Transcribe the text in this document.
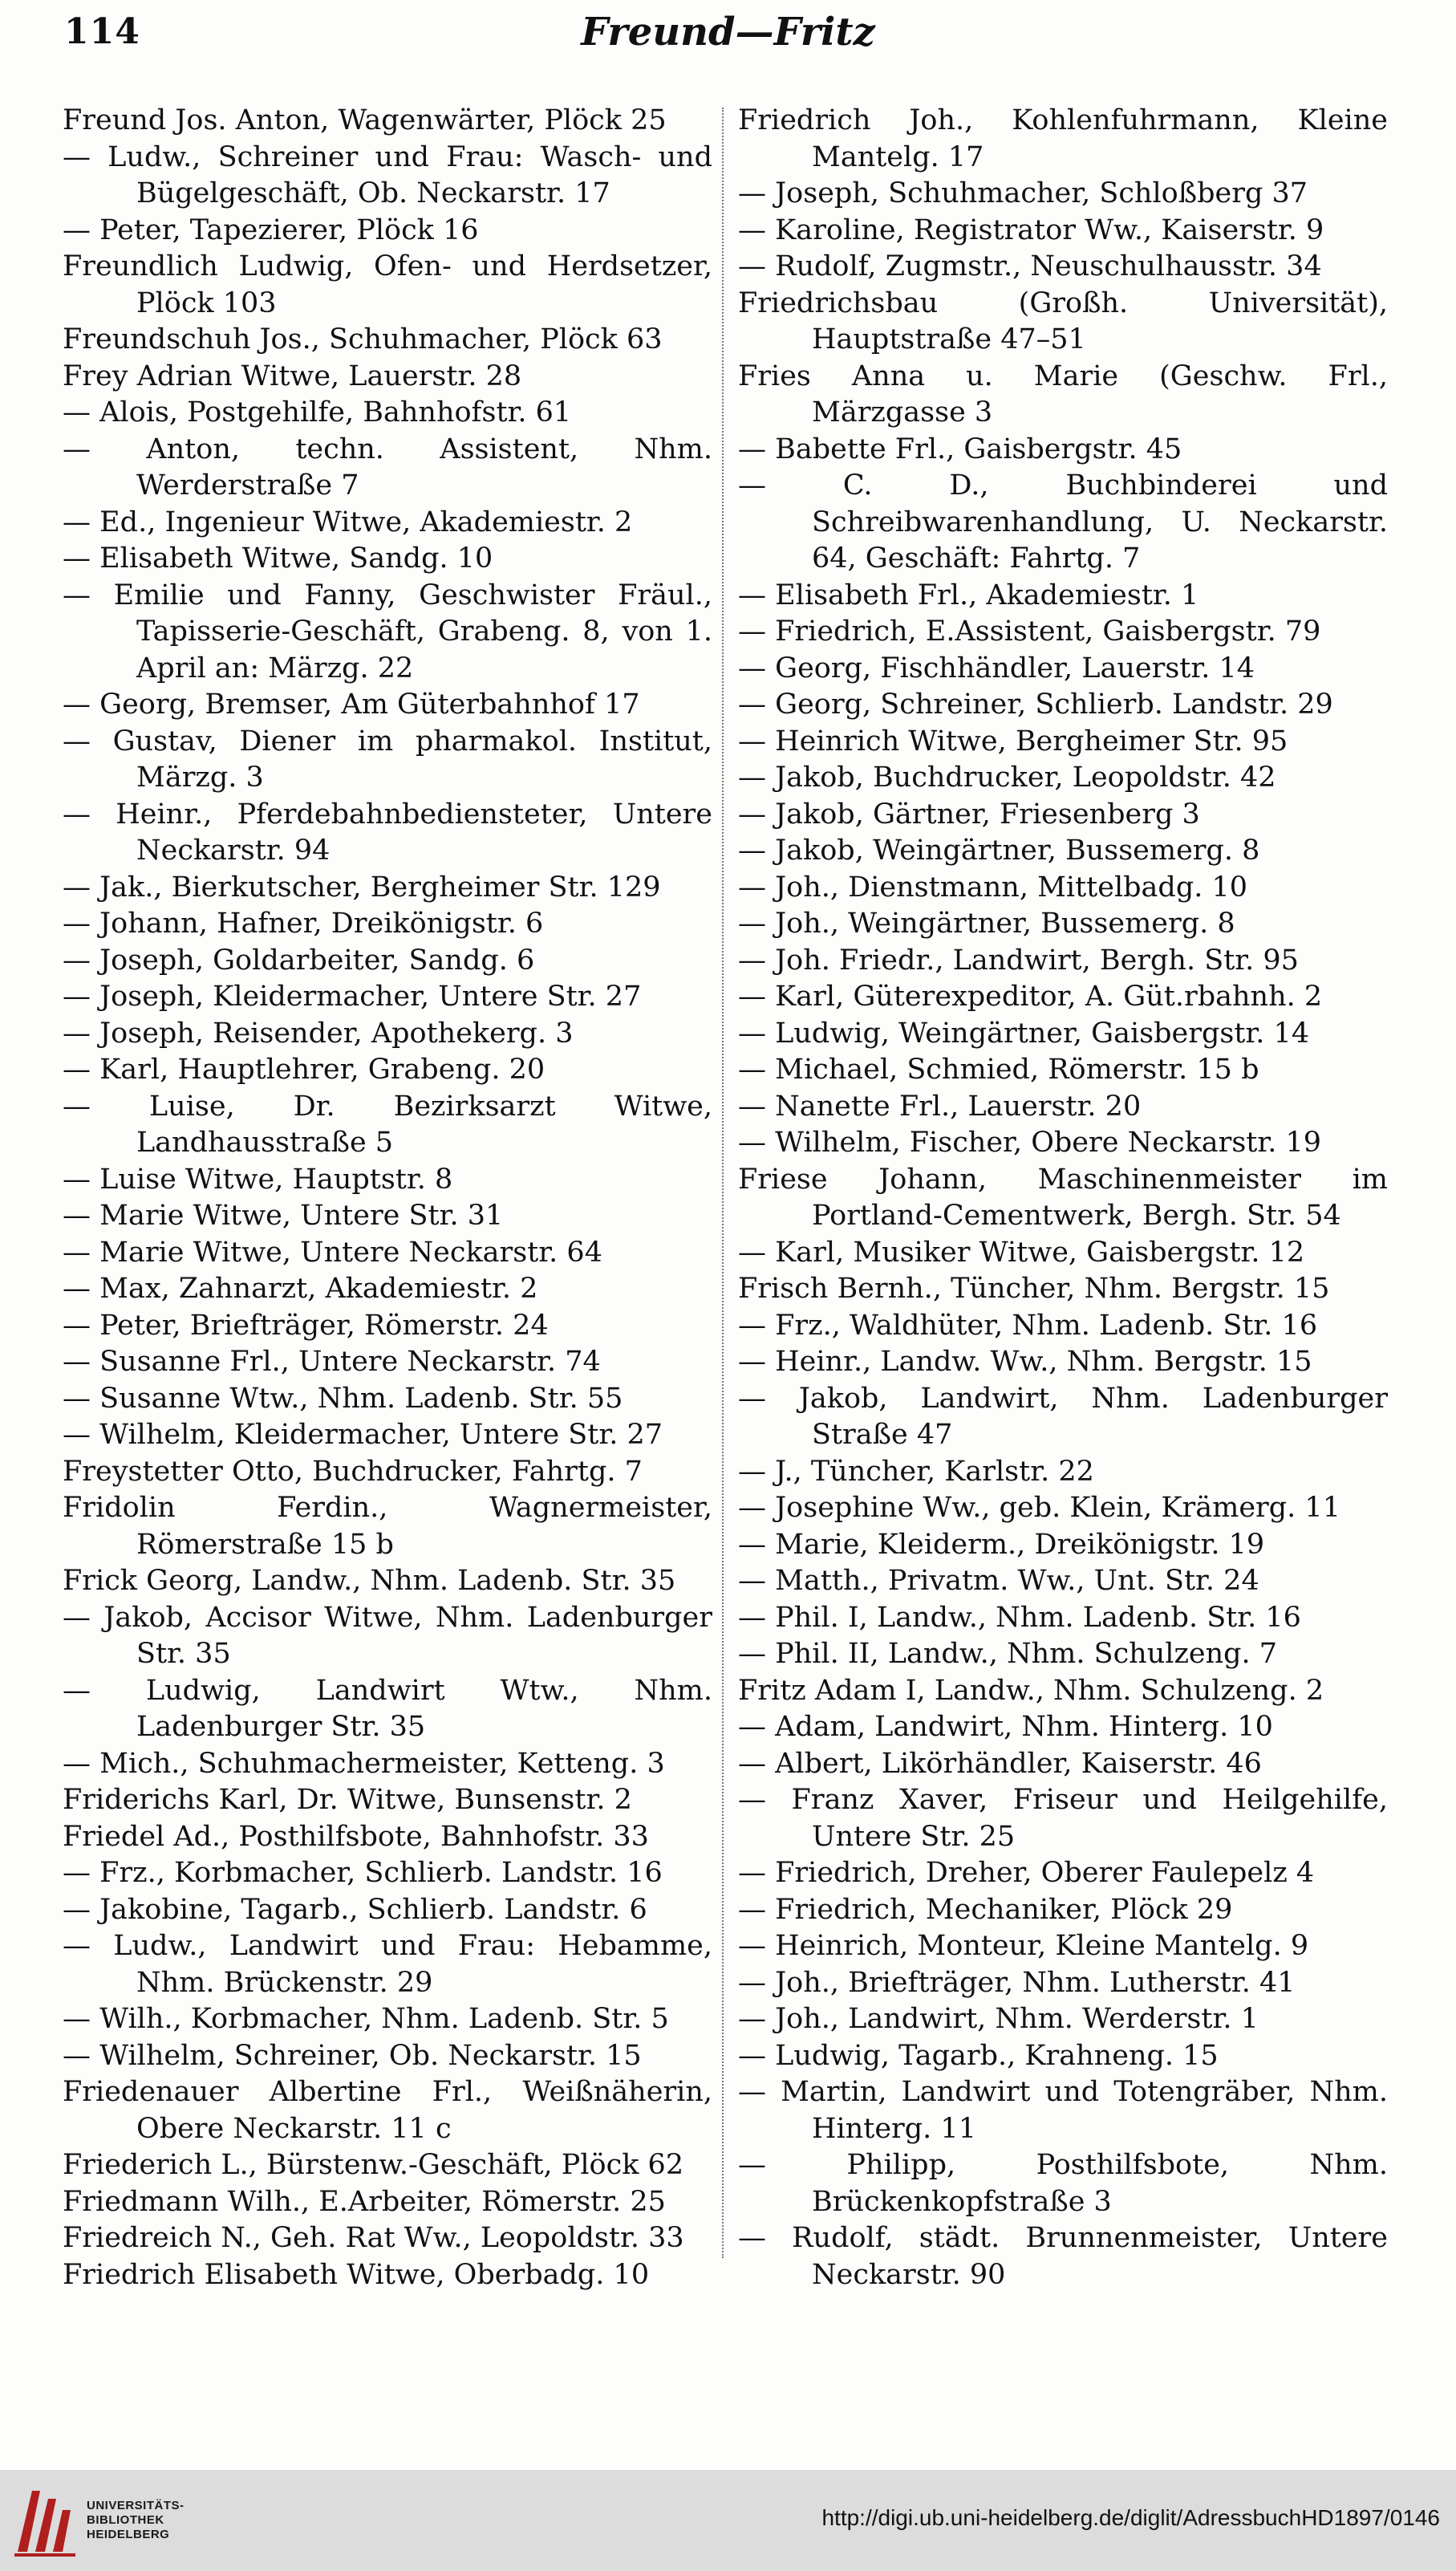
114	Freund—Fritz

Freund Jos. Anton, Wagenwärter, Plöck 25

— Ludw., Schreiner und Frau: Wasch- und Bügelgeschäft, Ob. Neckarstr. 17

— Peter, Tapezierer, Plöck 16

Freundlich Ludwig, Ofen- und Herdsetzer, Plöck 103

Freundschuh Jos., Schuhmacher, Plöck 63

Frey Adrian Witwe, Lauerstr. 28

— Alois, Postgehilfe, Bahnhofstr. 61

— Anton, techn. Assistent, Nhm. Werderstraße 7

— Ed., Ingenieur Witwe, Akademiestr. 2

— Elisabeth Witwe, Sandg. 10

— Emilie und Fanny, Geschwister Fräul., Tapisserie-Geschäft, Grabeng. 8, von 1. April an: Märzg. 22

— Georg, Bremser, Am Güterbahnhof 17

— Gustav, Diener im pharmakol. Institut, Märzg. 3

— Heinr., Pferdebahnbediensteter, Untere Neckarstr. 94

— Jak., Bierkutscher, Bergheimer Str. 129

— Johann, Hafner, Dreikönigstr. 6

— Joseph, Goldarbeiter, Sandg. 6

— Joseph, Kleidermacher, Untere Str. 27

— Joseph, Reisender, Apothekerg. 3

— Karl, Hauptlehrer, Grabeng. 20

— Luise, Dr. Bezirksarzt Witwe, Landhausstraße 5

— Luise Witwe, Hauptstr. 8

— Marie Witwe, Untere Str. 31

— Marie Witwe, Untere Neckarstr. 64

— Max, Zahnarzt, Akademiestr. 2

— Peter, Briefträger, Römerstr. 24

— Susanne Frl., Untere Neckarstr. 74

— Susanne Wtw., Nhm. Ladenb. Str. 55

— Wilhelm, Kleidermacher, Untere Str. 27

Freystetter Otto, Buchdrucker, Fahrtg. 7

Fridolin Ferdin., Wagnermeister, Römerstraße 15 b

Frick Georg, Landw., Nhm. Ladenb. Str. 35

— Jakob, Accisor Witwe, Nhm. Ladenburger Str. 35

— Ludwig, Landwirt Wtw., Nhm. Ladenburger Str. 35

— Mich., Schuhmachermeister, Ketteng. 3

Friderichs Karl, Dr. Witwe, Bunsenstr. 2

Friedel Ad., Posthilfsbote, Bahnhofstr. 33

— Frz., Korbmacher, Schlierb. Landstr. 16

— Jakobine, Tagarb., Schlierb. Landstr. 6

— Ludw., Landwirt und Frau: Hebamme, Nhm. Brückenstr. 29

— Wilh., Korbmacher, Nhm. Ladenb. Str. 5

— Wilhelm, Schreiner, Ob. Neckarstr. 15

Friedenauer Albertine Frl., Weißnäherin, Obere Neckarstr. 11 c

Friederich L., Bürstenw.-Geschäft, Plöck 62

Friedmann Wilh., E.Arbeiter, Römerstr. 25

Friedreich N., Geh. Rat Ww., Leopoldstr. 33

Friedrich Elisabeth Witwe, Oberbadg. 10

Friedrich Joh., Kohlenfuhrmann, Kleine Mantelg. 17

— Joseph, Schuhmacher, Schloßberg 37

— Karoline, Registrator Ww., Kaiserstr. 9

— Rudolf, Zugmstr., Neuschulhausstr. 34

Friedrichsbau (Großh. Universität), Hauptstraße 47–51

Fries Anna u. Marie (Geschw. Frl., Märzgasse 3

— Babette Frl., Gaisbergstr. 45

— C. D., Buchbinderei und Schreibwarenhandlung, U. Neckarstr. 64, Geschäft: Fahrtg. 7

— Elisabeth Frl., Akademiestr. 1

— Friedrich, E.Assistent, Gaisbergstr. 79

— Georg, Fischhändler, Lauerstr. 14

— Georg, Schreiner, Schlierb. Landstr. 29

— Heinrich Witwe, Bergheimer Str. 95

— Jakob, Buchdrucker, Leopoldstr. 42

— Jakob, Gärtner, Friesenberg 3

— Jakob, Weingärtner, Bussemerg. 8

— Joh., Dienstmann, Mittelbadg. 10

— Joh., Weingärtner, Bussemerg. 8

— Joh. Friedr., Landwirt, Bergh. Str. 95

— Karl, Güterexpeditor, A. Güt.rbahnh. 2

— Ludwig, Weingärtner, Gaisbergstr. 14

— Michael, Schmied, Römerstr. 15 b

— Nanette Frl., Lauerstr. 20

— Wilhelm, Fischer, Obere Neckarstr. 19

Friese Johann, Maschinenmeister im Portland-Cementwerk, Bergh. Str. 54

— Karl, Musiker Witwe, Gaisbergstr. 12

Frisch Bernh., Tüncher, Nhm. Bergstr. 15

— Frz., Waldhüter, Nhm. Ladenb. Str. 16

— Heinr., Landw. Ww., Nhm. Bergstr. 15

— Jakob, Landwirt, Nhm. Ladenburger Straße 47

— J., Tüncher, Karlstr. 22

— Josephine Ww., geb. Klein, Krämerg. 11

— Marie, Kleiderm., Dreikönigstr. 19

— Matth., Privatm. Ww., Unt. Str. 24

— Phil. I, Landw., Nhm. Ladenb. Str. 16

— Phil. II, Landw., Nhm. Schulzeng. 7

Fritz Adam I, Landw., Nhm. Schulzeng. 2

— Adam, Landwirt, Nhm. Hinterg. 10

— Albert, Likörhändler, Kaiserstr. 46

— Franz Xaver, Friseur und Heilgehilfe, Untere Str. 25

— Friedrich, Dreher, Oberer Faulepelz 4

— Friedrich, Mechaniker, Plöck 29

— Heinrich, Monteur, Kleine Mantelg. 9

— Joh., Briefträger, Nhm. Lutherstr. 41

— Joh., Landwirt, Nhm. Werderstr. 1

— Ludwig, Tagarb., Krahneng. 15

— Martin, Landwirt und Totengräber, Nhm. Hinterg. 11

— Philipp, Posthilfsbote, Nhm. Brückenkopfstraße 3

— Rudolf, städt. Brunnenmeister, Untere Neckarstr. 90

UNIVERSITÄTS-
BIBLIOTHEK
HEIDELBERG
http://digi.ub.uni-heidelberg.de/diglit/AdressbuchHD1897/0146
